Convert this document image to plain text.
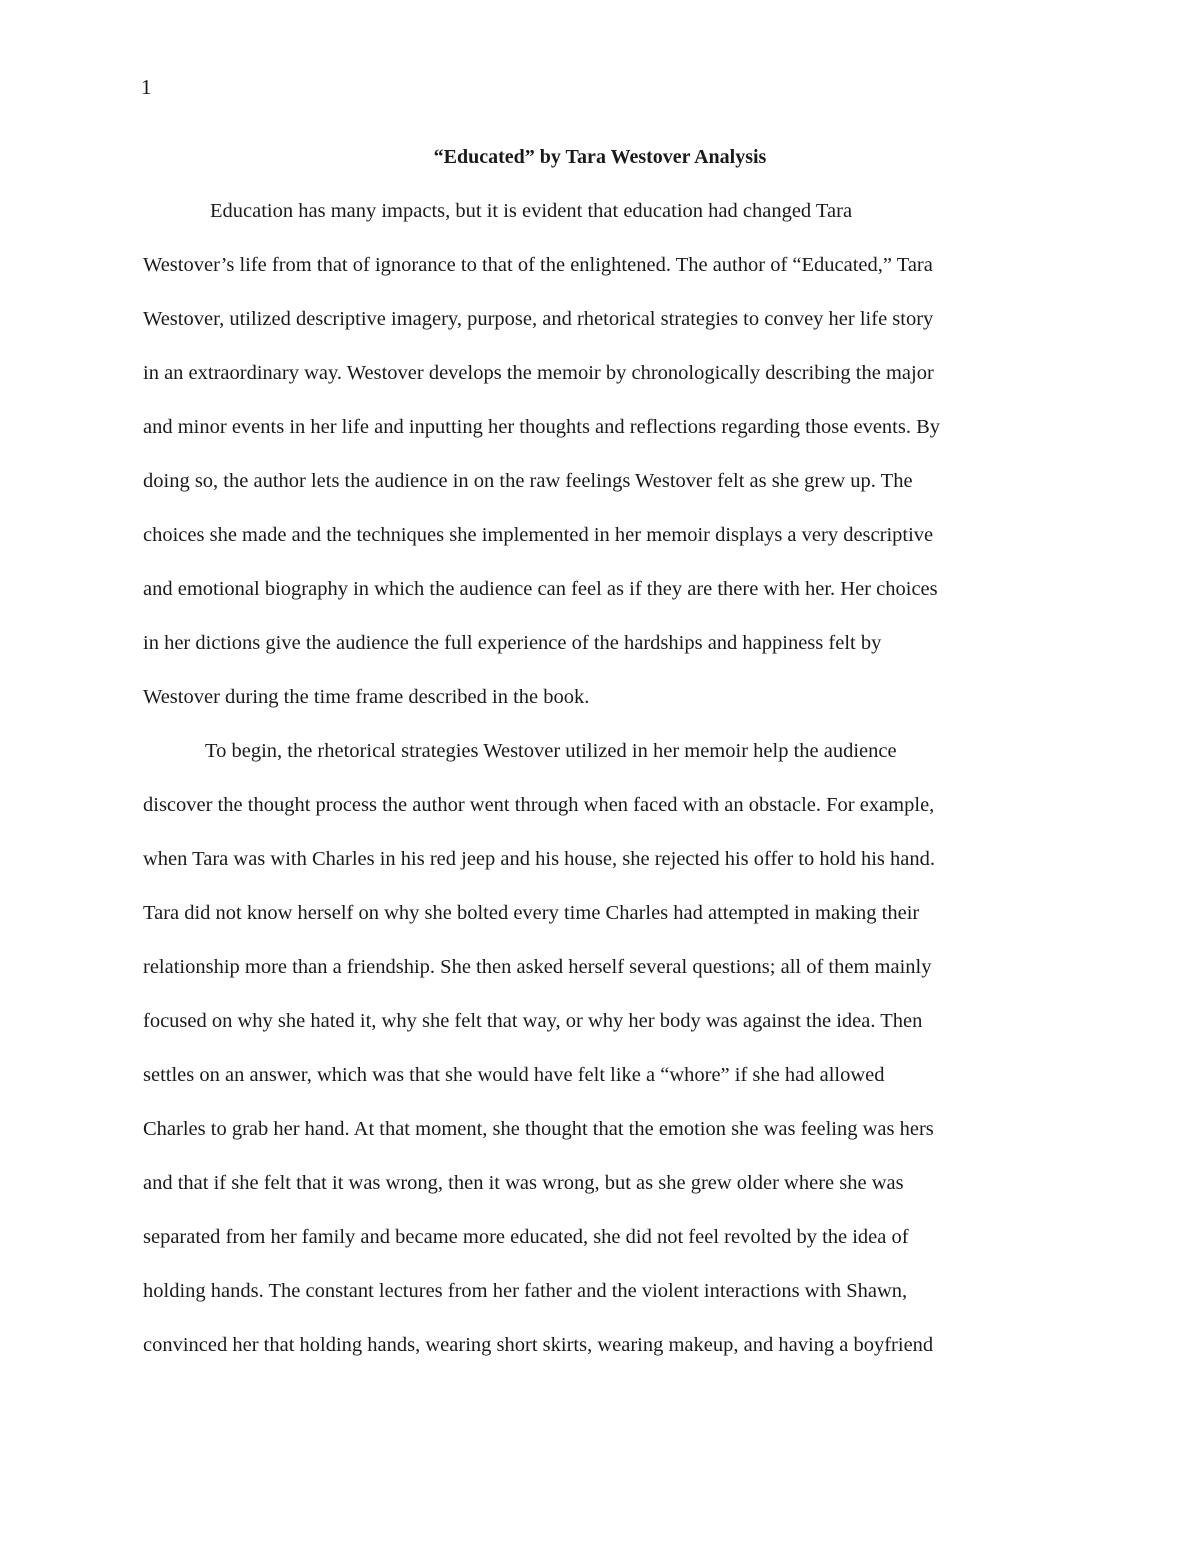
1
“Educated” by Tara Westover Analysis
Education has many impacts, but it is evident that education had changed Tara
Westover’s life from that of ignorance to that of the enlightened. The author of “Educated,” Tara
Westover, utilized descriptive imagery, purpose, and rhetorical strategies to convey her life story
in an extraordinary way. Westover develops the memoir by chronologically describing the major
and minor events in her life and inputting her thoughts and reflections regarding those events. By
doing so, the author lets the audience in on the raw feelings Westover felt as she grew up. The
choices she made and the techniques she implemented in her memoir displays a very descriptive
and emotional biography in which the audience can feel as if they are there with her. Her choices
in her dictions give the audience the full experience of the hardships and happiness felt by
Westover during the time frame described in the book.
To begin, the rhetorical strategies Westover utilized in her memoir help the audience
discover the thought process the author went through when faced with an obstacle. For example,
when Tara was with Charles in his red jeep and his house, she rejected his offer to hold his hand.
Tara did not know herself on why she bolted every time Charles had attempted in making their
relationship more than a friendship. She then asked herself several questions; all of them mainly
focused on why she hated it, why she felt that way, or why her body was against the idea. Then
settles on an answer, which was that she would have felt like a “whore” if she had allowed
Charles to grab her hand. At that moment, she thought that the emotion she was feeling was hers
and that if she felt that it was wrong, then it was wrong, but as she grew older where she was
separated from her family and became more educated, she did not feel revolted by the idea of
holding hands. The constant lectures from her father and the violent interactions with Shawn,
convinced her that holding hands, wearing short skirts, wearing makeup, and having a boyfriend
